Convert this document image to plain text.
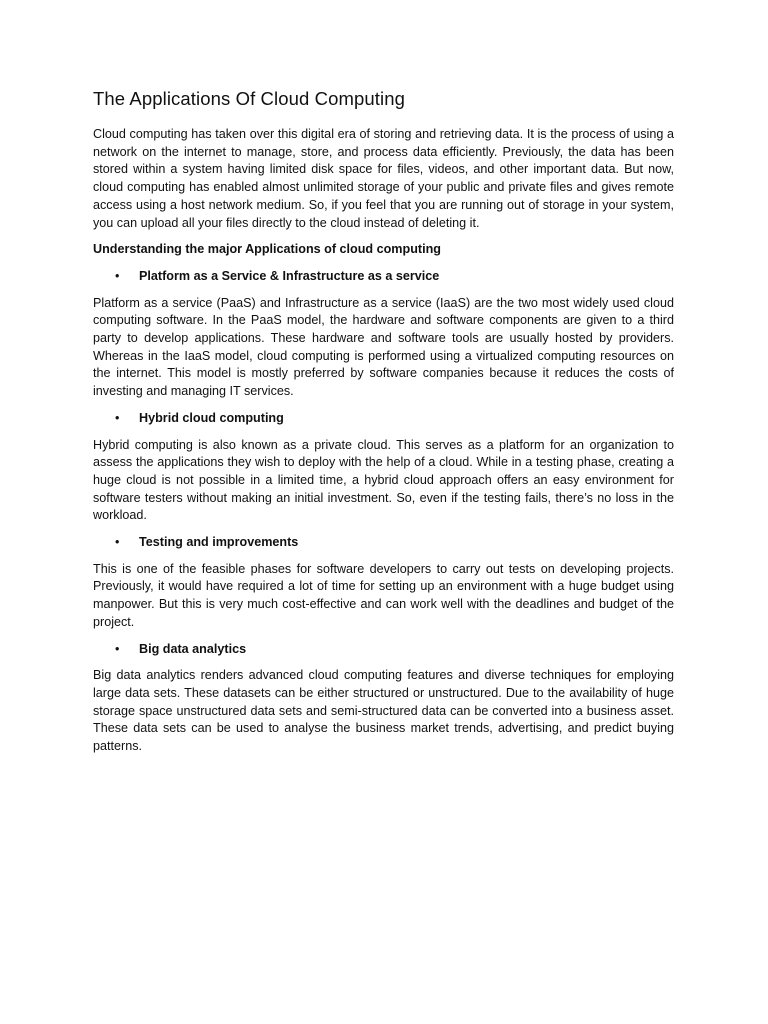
The Applications Of Cloud Computing

Cloud computing has taken over this digital era of storing and retrieving data. It is the process of using a network on the internet to manage, store, and process data efficiently. Previously, the data has been stored within a system having limited disk space for files, videos, and other important data. But now, cloud computing has enabled almost unlimited storage of your public and private files and gives remote access using a host network medium. So, if you feel that you are running out of storage in your system, you can upload all your files directly to the cloud instead of deleting it.

Understanding the major Applications of cloud computing
• Platform as a Service & Infrastructure as a service

Platform as a service (PaaS) and Infrastructure as a service (IaaS) are the two most widely used cloud computing software. In the PaaS model, the hardware and software components are given to a third party to develop applications. These hardware and software tools are usually hosted by providers. Whereas in the IaaS model, cloud computing is performed using a virtualized computing resources on the internet. This model is mostly preferred by software companies because it reduces the costs of investing and managing IT services.

• Hybrid cloud computing

Hybrid computing is also known as a private cloud. This serves as a platform for an organization to assess the applications they wish to deploy with the help of a cloud. While in a testing phase, creating a huge cloud is not possible in a limited time, a hybrid cloud approach offers an easy environment for software testers without making an initial investment. So, even if the testing fails, there’s no loss in the workload.

• Testing and improvements

This is one of the feasible phases for software developers to carry out tests on developing projects. Previously, it would have required a lot of time for setting up an environment with a huge budget using manpower. But this is very much cost-effective and can work well with the deadlines and budget of the project.

• Big data analytics

Big data analytics renders advanced cloud computing features and diverse techniques for employing large data sets. These datasets can be either structured or unstructured. Due to the availability of huge storage space unstructured data sets and semi-structured data can be converted into a business asset. These data sets can be used to analyse the business market trends, advertising, and predict buying patterns.
